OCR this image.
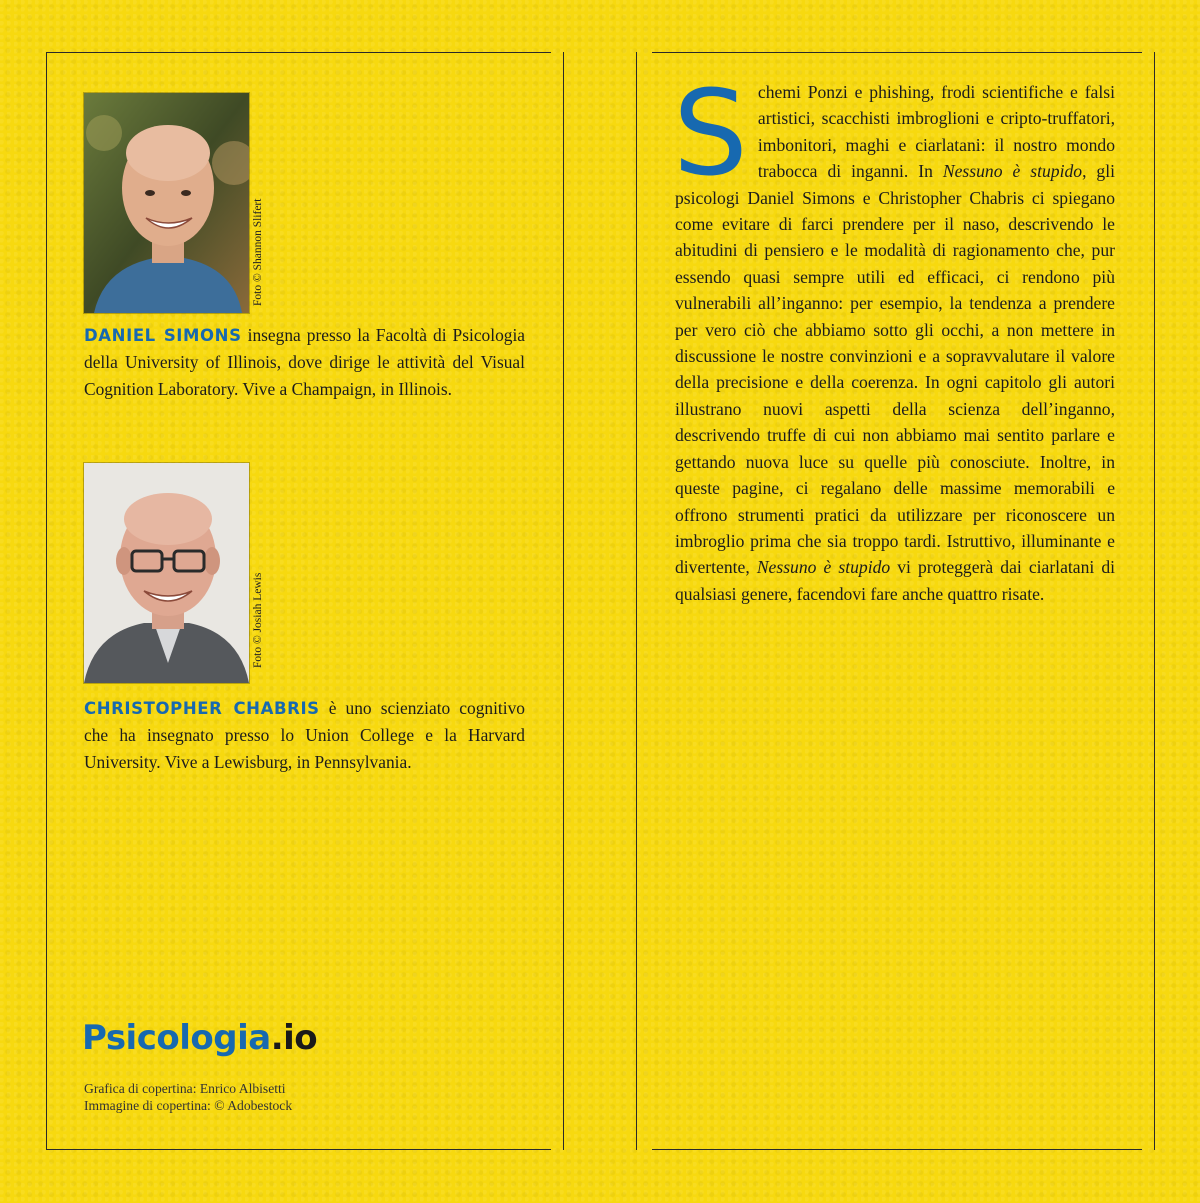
Foto © Shannon Slifert
DANIEL SIMONS insegna presso la Facoltà di Psicologia della University of Illinois, dove dirige le attività del Visual Cognition Laboratory. Vive a Champaign, in Illinois.
Foto © Josiah Lewis
CHRISTOPHER CHABRIS è uno scienziato cognitivo che ha insegnato presso lo Union College e la Harvard University. Vive a Lewisburg, in Pennsylvania.
Psicologia.io
Grafica di copertina: Enrico Albisetti
Immagine di copertina: © Adobestock
Schemi Ponzi e phishing, frodi scientifiche e falsi artistici, scacchisti imbroglioni e cripto-truffatori, imbonitori, maghi e ciarlatani: il nostro mondo trabocca di inganni. In Nessuno è stupido, gli psicologi Daniel Simons e Christopher Chabris ci spiegano come evitare di farci prendere per il naso, descrivendo le abitudini di pensiero e le modalità di ragionamento che, pur essendo quasi sempre utili ed efficaci, ci rendono più vulnerabili all’inganno: per esempio, la tendenza a prendere per vero ciò che abbiamo sotto gli occhi, a non mettere in discussione le nostre convinzioni e a sopravvalutare il valore della precisione e della coerenza. In ogni capitolo gli autori illustrano nuovi aspetti della scienza dell’inganno, descrivendo truffe di cui non abbiamo mai sentito parlare e gettando nuova luce su quelle più conosciute. Inoltre, in queste pagine, ci regalano delle massime memorabili e offrono strumenti pratici da utilizzare per riconoscere un imbroglio prima che sia troppo tardi. Istruttivo, illuminante e divertente, Nessuno è stupido vi proteggerà dai ciarlatani di qualsiasi genere, facendovi fare anche quattro risate.
